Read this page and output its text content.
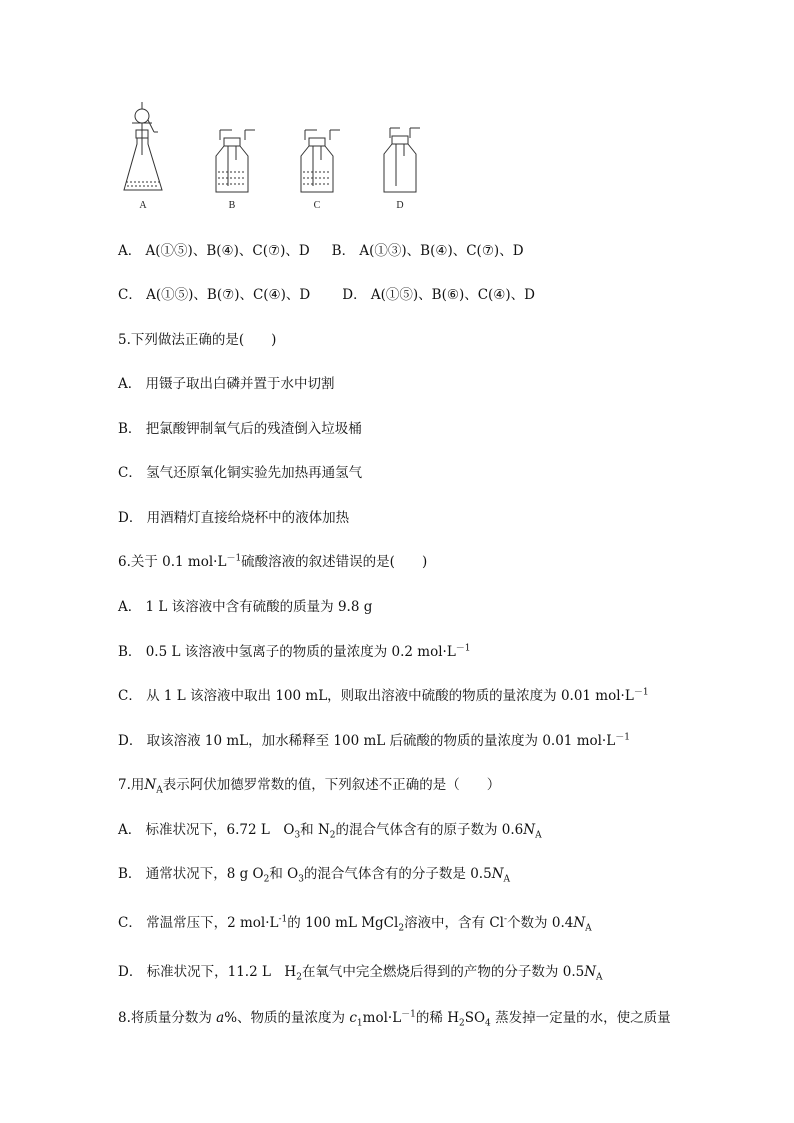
A	B	C	D
A． A(①⑤)、B(④)、C(⑦)、D B． A(①③)、B(④)、C(⑦)、D
C． A(①⑤)、B(⑦)、C(④)、D D． A(①⑤)、B(⑥)、C(④)、D
5.下列做法正确的是(　　)
A． 用镊子取出白磷并置于水中切割
B． 把氯酸钾制氧气后的残渣倒入垃圾桶
C． 氢气还原氧化铜实验先加热再通氢气
D． 用酒精灯直接给烧杯中的液体加热
6.关于 0.1 $mol\cdot L^{-1}$硫酸溶液的叙述错误的是(　　)
A． 1 L 该溶液中含有硫酸的质量为 9.8 g
B． 0.5 L 该溶液中氢离子的物质的量浓度为 0.2 $mol\cdot L^{-1}$
C． 从 1 L 该溶液中取出 100 mL，则取出溶液中硫酸的物质的量浓度为 0.01 $mol\cdot L^{-1}$
D． 取该溶液 10 mL，加水稀释至 100 mL 后硫酸的物质的量浓度为 0.01 $mol\cdot L^{-1}$
7.用$N_A$表示阿伏加德罗常数的值，下列叙述不正确的是（　　）
A． 标准状况下，6.72 L　$O_3$和 $N_2$的混合气体含有的原子数为 $0.6N_A$
B． 通常状况下，8 g $O_2$和 $O_3$的混合气体含有的分子数是 $0.5N_A$
C． 常温常压下，2 $mol\cdot L^{-1}$的 100 mL MgCl$_2$溶液中，含有 Cl-个数为 $0.4N_A$
D． 标准状况下，11.2 L　$H_2$在氧气中完全燃烧后得到的产物的分子数为 $0.5N_A$
8.将质量分数为 a%、物质的量浓度为 $c_1mol\cdot L^{-1}$的稀 $H_2SO_4$ 蒸发掉一定量的水，使之质量
